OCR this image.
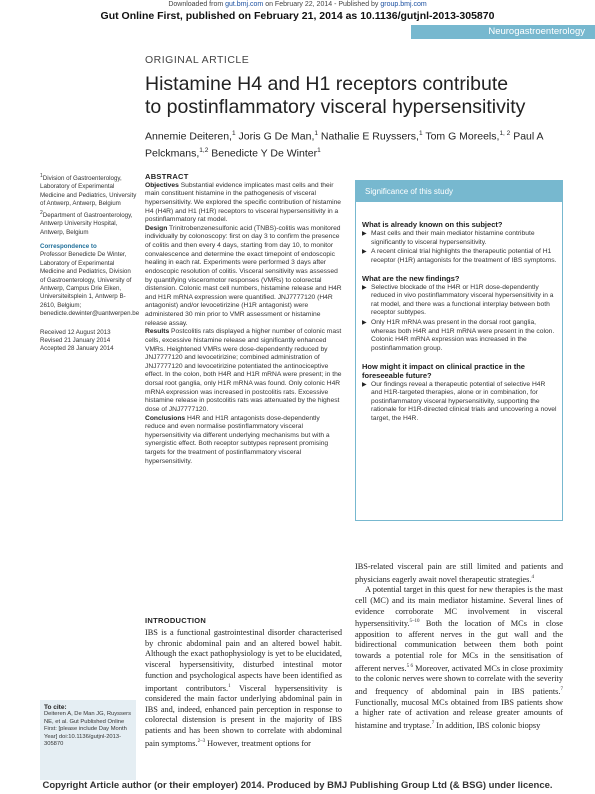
Downloaded from gut.bmj.com on February 22, 2014 - Published by group.bmj.com
Gut Online First, published on February 21, 2014 as 10.1136/gutjnl-2013-305870
Neurogastroenterology
ORIGINAL ARTICLE
Histamine H4 and H1 receptors contribute
to postinflammatory visceral hypersensitivity
Annemie Deiteren,$^1$ Joris G De Man,$^1$ Nathalie E Ruyssers,$^1$ Tom G Moreels,$^{1, 2}$ Paul A Pelckmans,$^{1,2}$ Benedicte Y De Winter$^1$
$^1$Division of Gastroenterology, Laboratory of Experimental Medicine and Pediatrics, University of Antwerp, Antwerp, Belgium
$^2$Department of Gastroenterology, Antwerp University Hospital, Antwerp, Belgium
Correspondence to
Professor Benedicte De Winter, Laboratory of Experimental Medicine and Pediatrics, Division of Gastroenterology, University of Antwerp, Campus Drie Eiken, Universiteitsplein 1, Antwerp B-2610, Belgium; benedicte.dewinter@uantwerpen.be
Received 12 August 2013
Revised 21 January 2014
Accepted 28 January 2014
ABSTRACT
Objectives Substantial evidence implicates mast cells and their main constituent histamine in the pathogenesis of visceral hypersensitivity. We explored the specific contribution of histamine H4 (H4R) and H1 (H1R) receptors to visceral hypersensitivity in a postinflammatory rat model.
Design Trinitrobenzenesulfonic acid (TNBS)-colitis was monitored individually by colonoscopy: first on day 3 to confirm the presence of colitis and then every 4 days, starting from day 10, to monitor convalescence and determine the exact timepoint of endoscopic healing in each rat. Experiments were performed 3 days after endoscopic resolution of colitis. Visceral sensitivity was assessed by quantifying visceromotor responses (VMRs) to colorectal distension. Colonic mast cell numbers, histamine release and H4R and H1R mRNA expression were quantified. JNJ7777120 (H4R antagonist) and/or levocetirizine (H1R antagonist) were administered 30 min prior to VMR assessment or histamine release assay.
Results Postcolitis rats displayed a higher number of colonic mast cells, excessive histamine release and significantly enhanced VMRs. Heightened VMRs were dose-dependently reduced by JNJ7777120 and levocetirizine; combined administration of JNJ7777120 and levocetirizine potentiated the antinociceptive effect. In the colon, both H4R and H1R mRNA were present; in the dorsal root ganglia, only H1R mRNA was found. Only colonic H4R mRNA expression was increased in postcolitis rats. Excessive histamine release in postcolitis rats was attenuated by the highest dose of JNJ7777120.
Conclusions H4R and H1R antagonists dose-dependently reduce and even normalise postinflammatory visceral hypersensitivity via different underlying mechanisms but with a synergistic effect. Both receptor subtypes represent promising targets for the treatment of postinflammatory visceral hypersensitivity.
Significance of this study
What is already known on this subject?
▶ Mast cells and their main mediator histamine contribute significantly to visceral hypersensitivity.
▶ A recent clinical trial highlights the therapeutic potential of H1 receptor (H1R) antagonists for the treatment of IBS symptoms.
What are the new findings?
▶ Selective blockade of the H4R or H1R dose-dependently reduced in vivo postinflammatory visceral hypersensitivity in a rat model, and there was a functional interplay between both receptor subtypes.
▶ Only H1R mRNA was present in the dorsal root ganglia, whereas both H4R and H1R mRNA were present in the colon. Colonic H4R mRNA expression was increased in the postinflammation group.
How might it impact on clinical practice in the foreseeable future?
▶ Our findings reveal a therapeutic potential of selective H4R and H1R-targeted therapies, alone or in combination, for postinflammatory visceral hypersensitivity, supporting the rationale for H1R-directed clinical trials and uncovering a novel target, the H4R.
INTRODUCTION
IBS is a functional gastrointestinal disorder characterised by chronic abdominal pain and an altered bowel habit. Although the exact pathophysiology is yet to be elucidated, visceral hypersensitivity, disturbed intestinal motor function and psychological aspects have been identified as important contributors.$^1$ Visceral hypersensitivity is considered the main factor underlying abdominal pain in IBS and, indeed, enhanced pain perception in response to colorectal distension is present in the majority of IBS patients and has been shown to correlate with abdominal pain symptoms.$^{2-3}$ However, treatment options for

IBS-related visceral pain are still limited and patients and physicians eagerly await novel therapeutic strategies.$^4$

A potential target in this quest for new therapies is the mast cell (MC) and its main mediator histamine. Several lines of evidence corroborate MC involvement in visceral hypersensitivity.$^{5-10}$ Both the location of MCs in close apposition to afferent nerves in the gut wall and the bidirectional communication between them both point towards a potential role for MCs in the sensitisation of afferent nerves.$^{5 6}$ Moreover, activated MCs in close proximity to the colonic nerves were shown to correlate with the severity and frequency of abdominal pain in IBS patients.$^7$ Functionally, mucosal MCs obtained from IBS patients show a higher rate of activation and release greater amounts of histamine and tryptase.$^7$ In addition, IBS colonic biopsy

To cite:
Deiteren A, De Man JG, Ruyssers NE, et al. Gut Published Online First: [please include Day Month Year] doi:10.1136/gutjnl-2013-305870
Copyright Article author (or their employer) 2014. Produced by BMJ Publishing Group Ltd (& BSG) under licence.
